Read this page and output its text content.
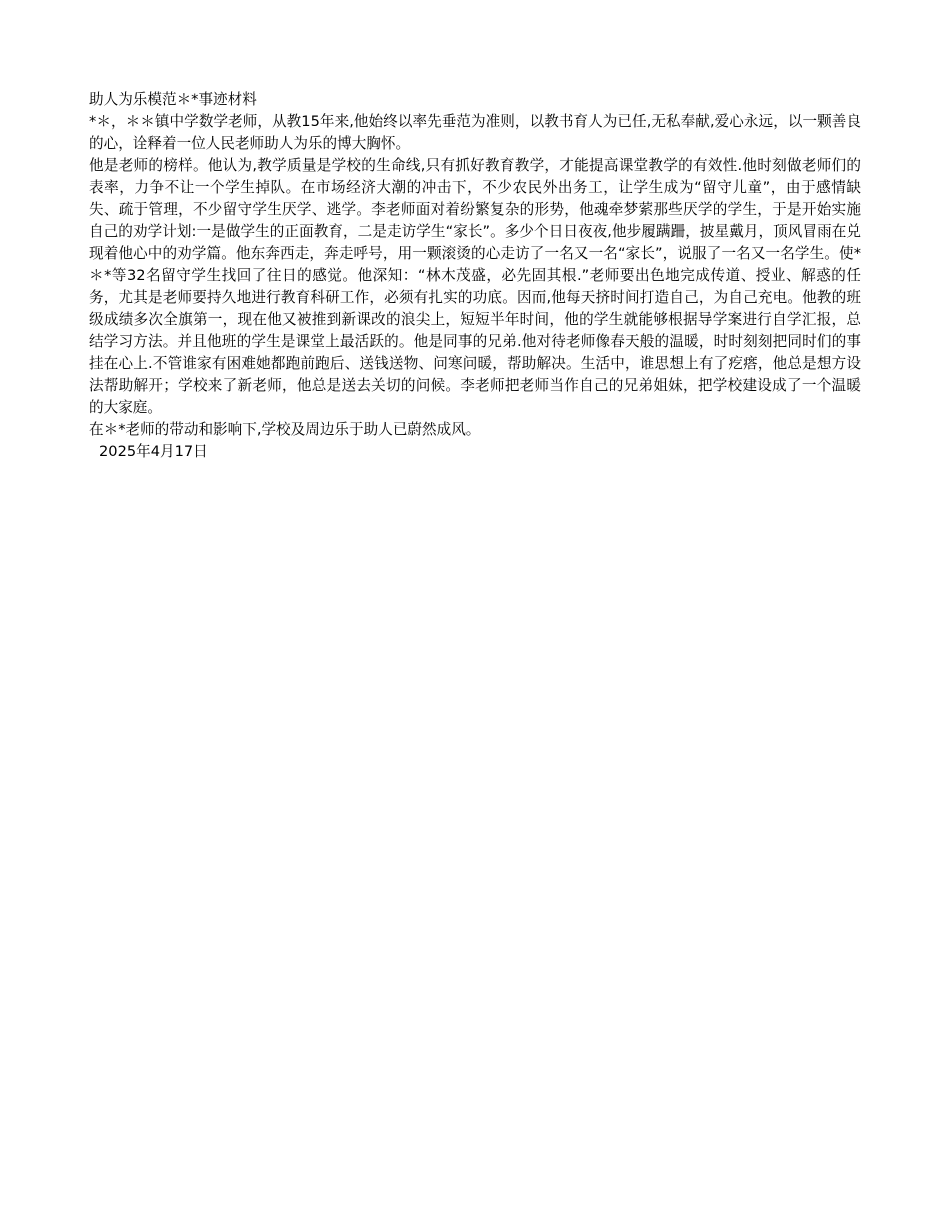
助人为乐模范＊*事迹材料

*＊，＊＊镇中学数学老师，从教15年来,他始终以率先垂范为准则，以教书育人为已任,无私奉献,爱心永远，以一颗善良的心，诠释着一位人民老师助人为乐的博大胸怀。

他是老师的榜样。他认为,教学质量是学校的生命线,只有抓好教育教学，才能提高课堂教学的有效性.他时刻做老师们的表率，力争不让一个学生掉队。在市场经济大潮的冲击下，不少农民外出务工，让学生成为“留守儿童”，由于感情缺失、疏于管理，不少留守学生厌学、逃学。李老师面对着纷繁复杂的形势，他魂牵梦萦那些厌学的学生，于是开始实施自己的劝学计划:一是做学生的正面教育，二是走访学生“家长”。多少个日日夜夜,他步履蹒跚，披星戴月，顶风冒雨在兑现着他心中的劝学篇。他东奔西走，奔走呼号，用一颗滚烫的心走访了一名又一名“家长”，说服了一名又一名学生。使*＊*等32名留守学生找回了往日的感觉。他深知：“林木茂盛，必先固其根.”老师要出色地完成传道、授业、解惑的任务，尤其是老师要持久地进行教育科研工作，必须有扎实的功底。因而,他每天挤时间打造自己，为自己充电。他教的班级成绩多次全旗第一，现在他又被推到新课改的浪尖上，短短半年时间，他的学生就能够根据导学案进行自学汇报，总结学习方法。并且他班的学生是课堂上最活跃的。他是同事的兄弟.他对待老师像春天般的温暖，时时刻刻把同时们的事挂在心上.不管谁家有困难她都跑前跑后、送钱送物、问寒问暖，帮助解决。生活中，谁思想上有了疙瘩，他总是想方设法帮助解开；学校来了新老师，他总是送去关切的问候。李老师把老师当作自己的兄弟姐妹，把学校建设成了一个温暖的大家庭。

在＊*老师的带动和影响下,学校及周边乐于助人已蔚然成风。

2025年4月17日
